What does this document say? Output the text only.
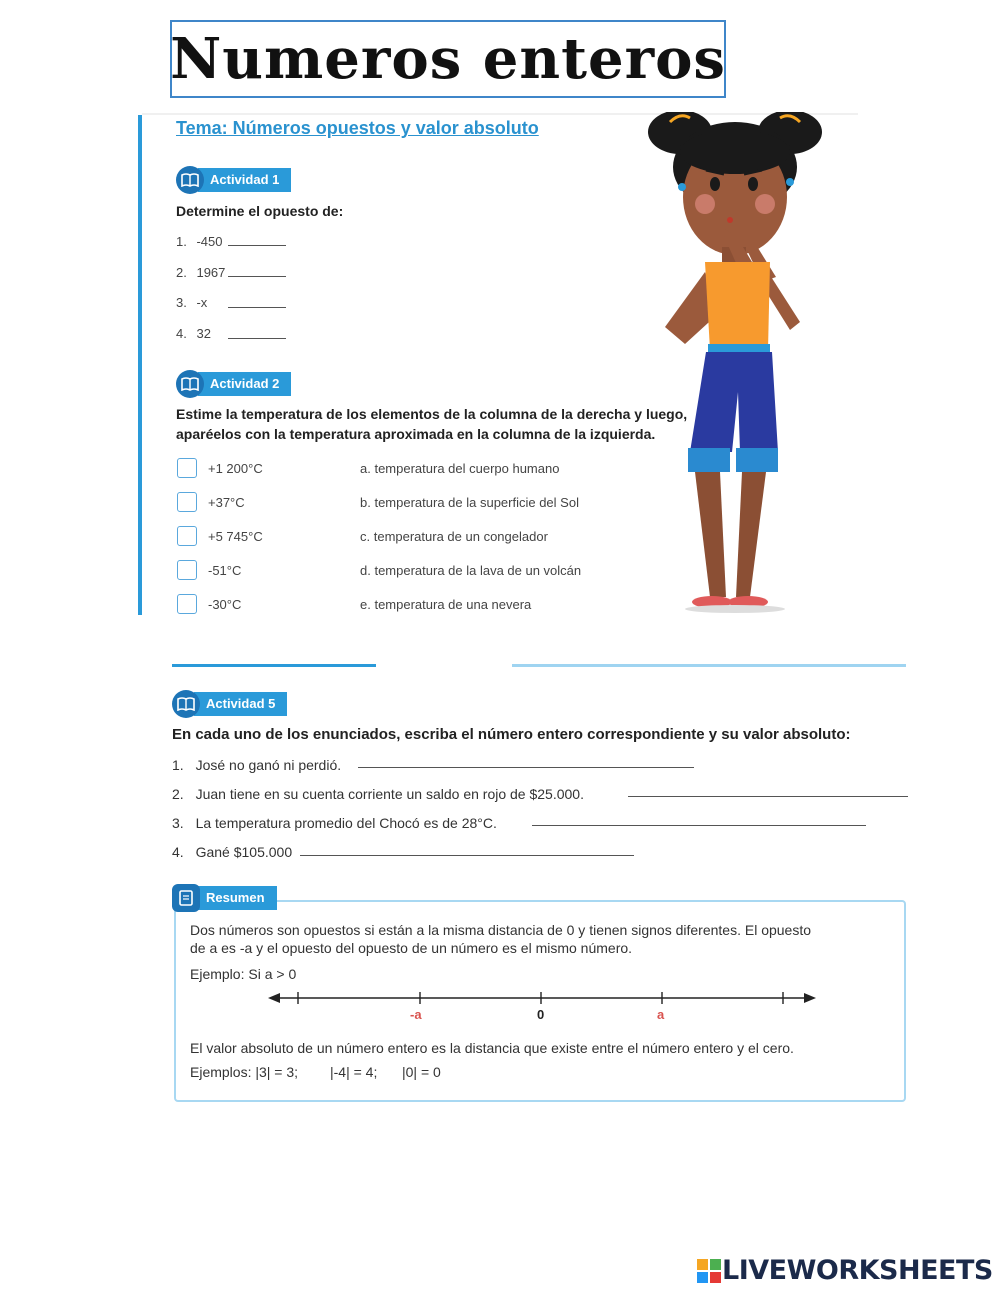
Numeros enteros
Tema: Números opuestos y valor absoluto
Actividad 1
Determine el opuesto de:
1. -450
2. 1967
3. -x
4. 32
Actividad 2
Estime la temperatura de los elementos de la columna de la derecha y luego,
aparéelos con la temperatura aproximada en la columna de la izquierda.
+1 200°C	a. temperatura del cuerpo humano
+37°C	b. temperatura de la superficie del Sol
+5 745°C	c. temperatura de un congelador
-51°C	d. temperatura de la lava de un volcán
-30°C	e. temperatura de una nevera
Actividad 5
En cada uno de los enunciados, escriba el número entero correspondiente y su valor absoluto:
1. José no ganó ni perdió.
2. Juan tiene en su cuenta corriente un saldo en rojo de $25.000.
3. La temperatura promedio del Chocó es de 28°C.
4. Gané $105.000
Resumen
Dos números son opuestos si están a la misma distancia de 0 y tienen signos diferentes. El opuesto
de a es -a y el opuesto del opuesto de un número es el mismo número.
Ejemplo: Si a > 0
-a	0	a
El valor absoluto de un número entero es la distancia que existe entre el número entero y el cero.
Ejemplos: |3| = 3; |-4| = 4; |0| = 0
LIVEWORKSHEETS
